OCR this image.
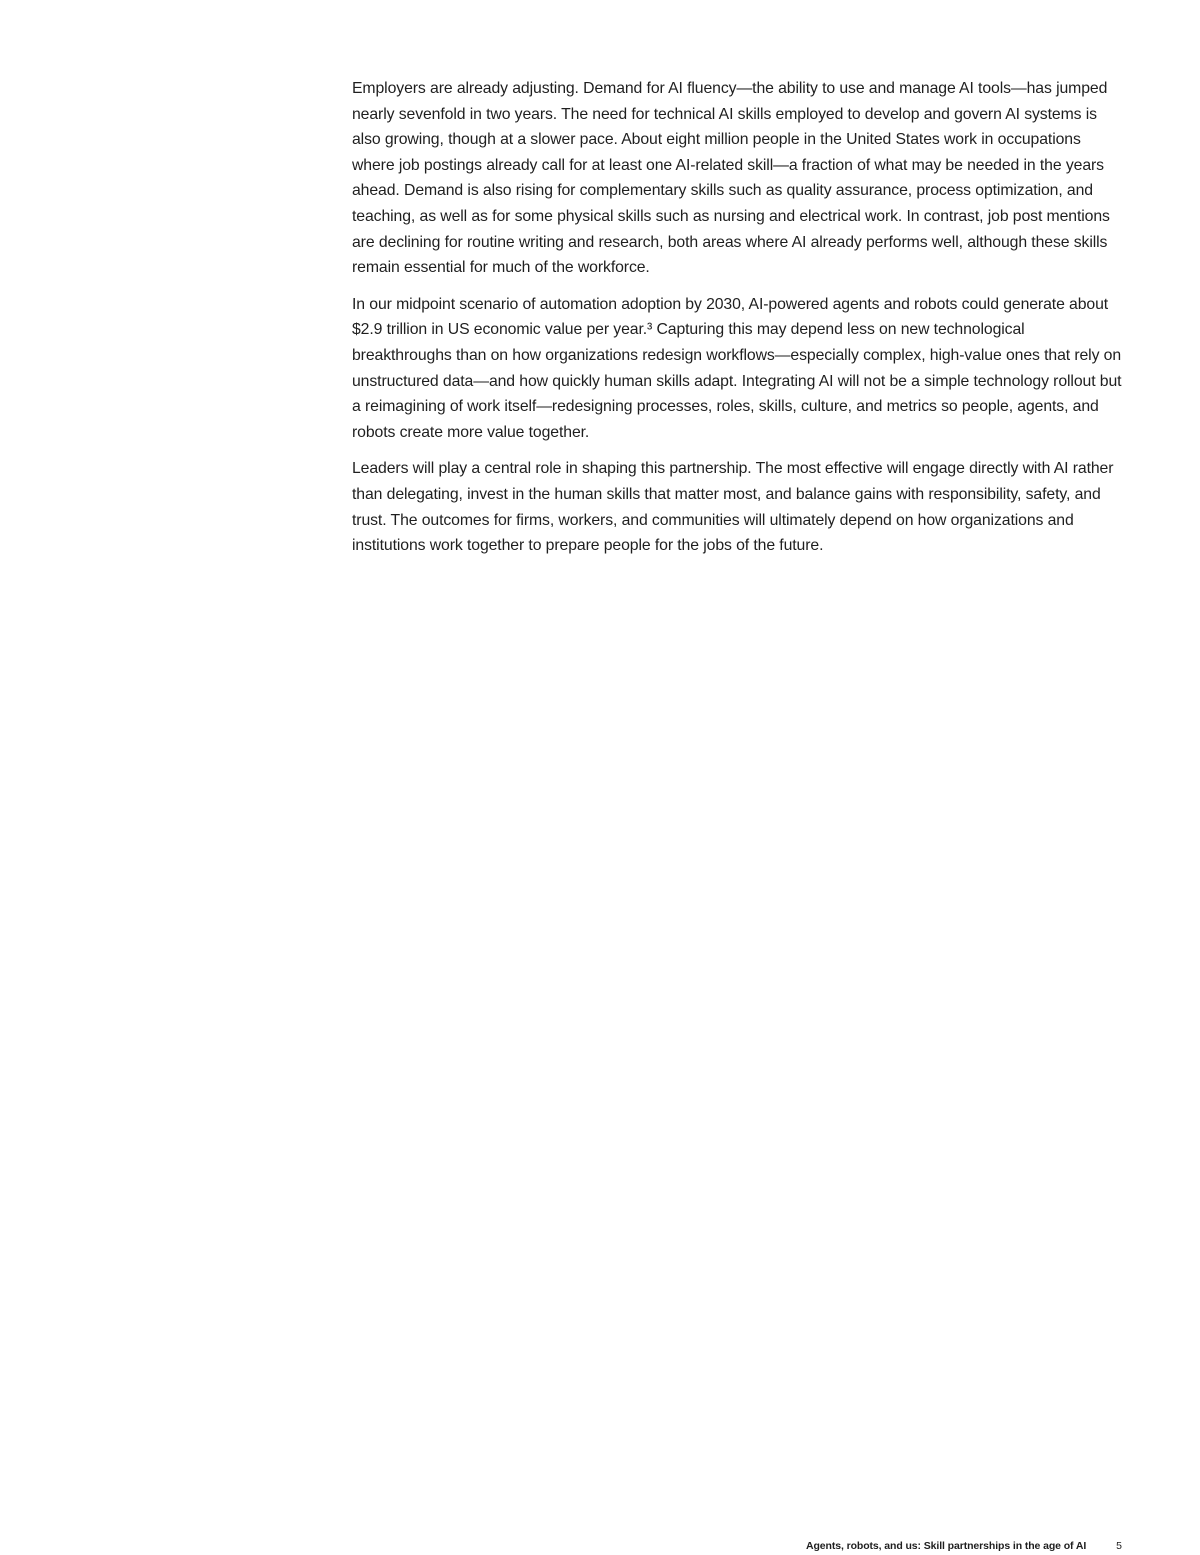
Employers are already adjusting. Demand for AI fluency—the ability to use and manage AI tools—has jumped nearly sevenfold in two years. The need for technical AI skills employed to develop and govern AI systems is also growing, though at a slower pace. About eight million people in the United States work in occupations where job postings already call for at least one AI-related skill—a fraction of what may be needed in the years ahead. Demand is also rising for complementary skills such as quality assurance, process optimization, and teaching, as well as for some physical skills such as nursing and electrical work. In contrast, job post mentions are declining for routine writing and research, both areas where AI already performs well, although these skills remain essential for much of the workforce.

In our midpoint scenario of automation adoption by 2030, AI-powered agents and robots could generate about $2.9 trillion in US economic value per year.³ Capturing this may depend less on new technological breakthroughs than on how organizations redesign workflows—especially complex, high-value ones that rely on unstructured data—and how quickly human skills adapt. Integrating AI will not be a simple technology rollout but a reimagining of work itself—redesigning processes, roles, skills, culture, and metrics so people, agents, and robots create more value together.

Leaders will play a central role in shaping this partnership. The most effective will engage directly with AI rather than delegating, invest in the human skills that matter most, and balance gains with responsibility, safety, and trust. The outcomes for firms, workers, and communities will ultimately depend on how organizations and institutions work together to prepare people for the jobs of the future.

Agents, robots, and us: Skill partnerships in the age of AI	5
